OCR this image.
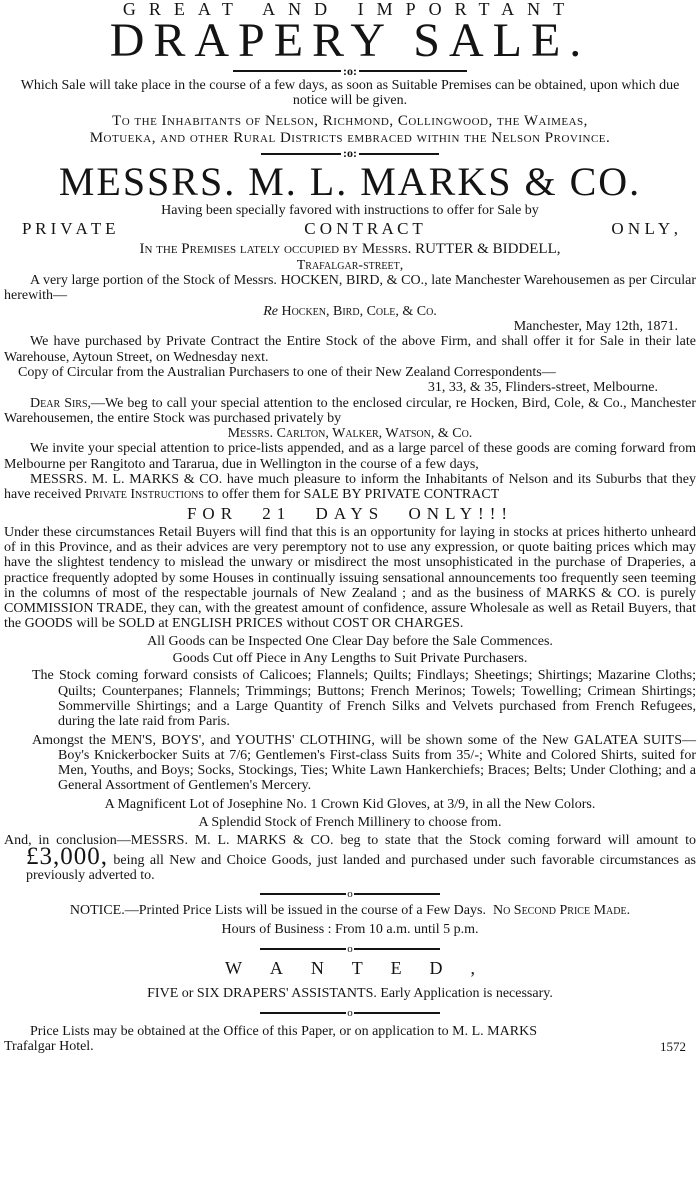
GREAT AND IMPORTANT

DRAPERY SALE.

:o:

Which Sale will take place in the course of a few days, as soon as Suitable Premises can be obtained, upon which due notice will be given.

To the Inhabitants of Nelson, Richmond, Collingwood, the Waimeas,

Motueka, and other Rural Districts embraced within the Nelson Province.

:o:

MESSRS. M. L. MARKS & CO.

Having been specially favored with instructions to offer for Sale by

P R I V A T E	C O N T R A C T	O N L Y ,

In the Premises lately occupied by Messrs. RUTTER & BIDDELL,

Trafalgar-street,

A very large portion of the Stock of Messrs. HOCKEN, BIRD, & CO., late Manchester Warehousemen as per Circular herewith—

Re Hocken, Bird, Cole, & Co.

Manchester, May 12th, 1871.

We have purchased by Private Contract the Entire Stock of the above Firm, and shall offer it for Sale in their late Warehouse, Aytoun Street, on Wednesday next.

Copy of Circular from the Australian Purchasers to one of their New Zealand Correspondents—

31, 33, & 35, Flinders-street, Melbourne.

Dear Sirs,—We beg to call your special attention to the enclosed circular, re Hocken, Bird, Cole, & Co., Manchester Warehousemen, the entire Stock was purchased privately by

Messrs. Carlton, Walker, Watson, & Co.

We invite your special attention to price-lists appended, and as a large parcel of these goods are coming forward from Melbourne per Rangitoto and Tararua, due in Wellington in the course of a few days,

MESSRS. M. L. MARKS & CO. have much pleasure to inform the Inhabitants of Nelson and its Suburbs that they have received Private Instructions to offer them for SALE BY PRIVATE CONTRACT

FOR 21 DAYS ONLY!!!

Under these circumstances Retail Buyers will find that this is an opportunity for laying in stocks at prices hitherto unheard of in this Province, and as their advices are very peremptory not to use any expression, or quote baiting prices which may have the slightest tendency to mislead the unwary or misdirect the most unsophisticated in the purchase of Draperies, a practice frequently adopted by some Houses in continually issuing sensational announcements too frequently seen teeming in the columns of most of the respectable journals of New Zealand ; and as the business of MARKS & CO. is purely COMMISSION TRADE, they can, with the greatest amount of confidence, assure Wholesale as well as Retail Buyers, that the GOODS will be SOLD at ENGLISH PRICES without COST OR CHARGES.

All Goods can be Inspected One Clear Day before the Sale Commences.

Goods Cut off Piece in Any Lengths to Suit Private Purchasers.

The Stock coming forward consists of Calicoes; Flannels; Quilts; Findlays; Sheetings; Shirtings; Mazarine Cloths; Quilts; Counterpanes; Flannels; Trimmings; Buttons; French Merinos; Towels; Towelling; Crimean Shirtings; Sommerville Shirtings; and a Large Quantity of French Silks and Velvets purchased from French Refugees, during the late raid from Paris.

Amongst the MEN'S, BOYS', and YOUTHS' CLOTHING, will be shown some of the New GALATEA SUITS—Boy's Knickerbocker Suits at 7/6; Gentlemen's First-class Suits from 35/-; White and Colored Shirts, suited for Men, Youths, and Boys; Socks, Stockings, Ties; White Lawn Hankerchiefs; Braces; Belts; Under Clothing; and a General Assortment of Gentlemen's Mercery.

A Magnificent Lot of Josephine No. 1 Crown Kid Gloves, at 3/9, in all the New Colors.

A Splendid Stock of French Millinery to choose from.

And, in conclusion—MESSRS. M. L. MARKS & CO. beg to state that the Stock coming forward will amount to £3,000, being all New and Choice Goods, just landed and purchased under such favorable circumstances as previously adverted to.

o

NOTICE.—Printed Price Lists will be issued in the course of a Few Days. No Second Price Made.

Hours of Business : From 10 a.m. until 5 p.m.

o
W A N T E D ,

FIVE or SIX DRAPERS' ASSISTANTS. Early Application is necessary.

o

Price Lists may be obtained at the Office of this Paper, or on application to M. L. MARKS

Trafalgar Hotel.	1572
